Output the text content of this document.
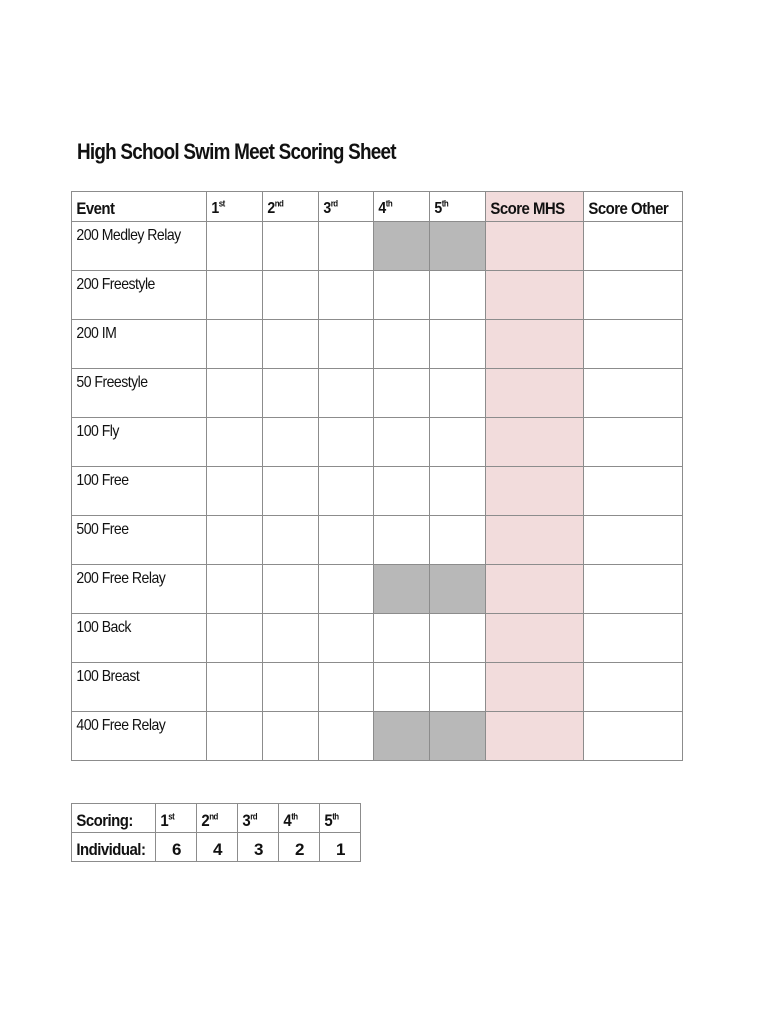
High School Swim Meet Scoring Sheet
Event	1st	2nd	3rd	4th	5th	Score MHS	Score Other
200 Medley Relay							
200 Freestyle							
200 IM							
50 Freestyle							
100 Fly							
100 Free							
500 Free							
200 Free Relay							
100 Back							
100 Breast							
400 Free Relay							
Scoring:	1st	2nd	3rd	4th	5th
Individual:	6	4	3	2	1
